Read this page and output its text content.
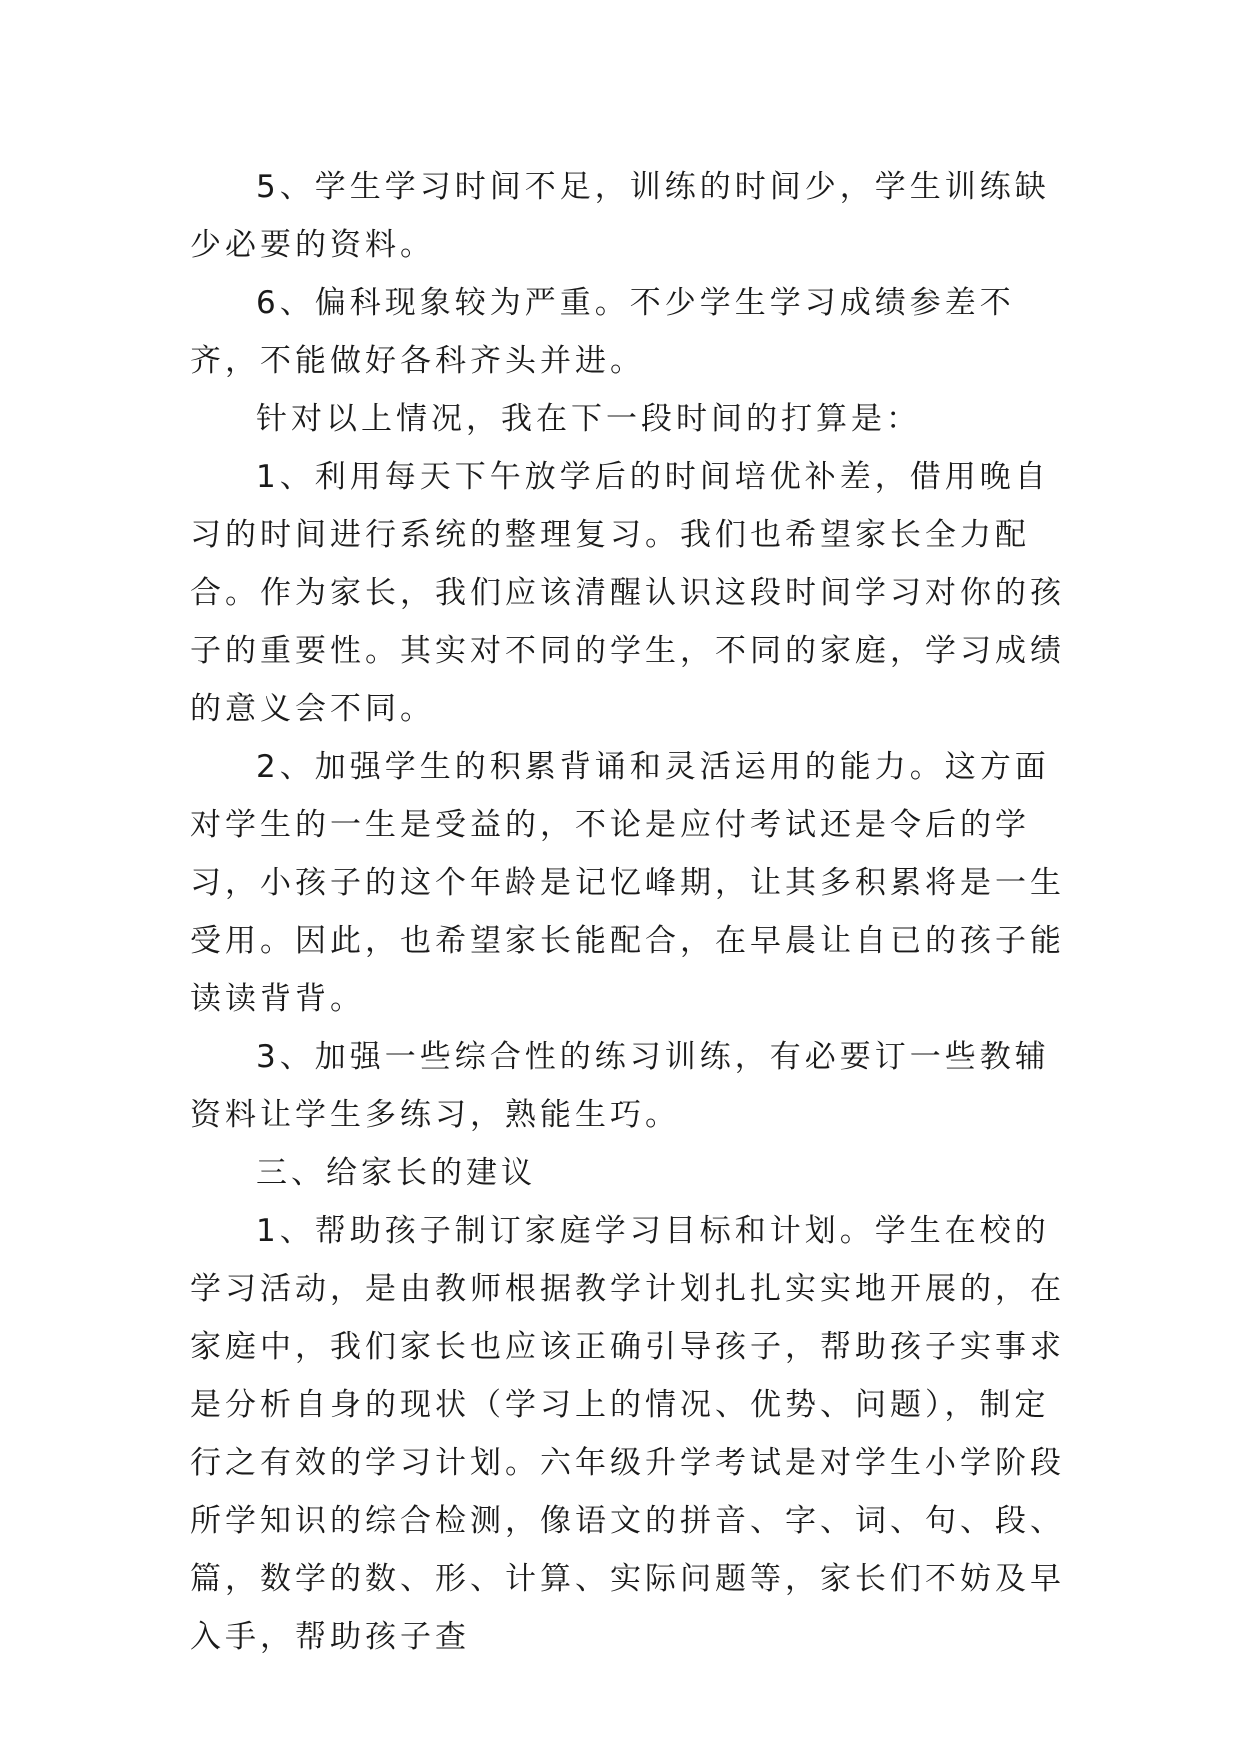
5、学生学习时间不足，训练的时间少，学生训练缺少必要的资料。

6、偏科现象较为严重。不少学生学习成绩参差不齐，不能做好各科齐头并进。

针对以上情况，我在下一段时间的打算是：

1、利用每天下午放学后的时间培优补差，借用晚自习的时间进行系统的整理复习。我们也希望家长全力配合。作为家长，我们应该清醒认识这段时间学习对你的孩子的重要性。其实对不同的学生，不同的家庭，学习成绩的意义会不同。

2、加强学生的积累背诵和灵活运用的能力。这方面对学生的一生是受益的，不论是应付考试还是令后的学习，小孩子的这个年龄是记忆峰期，让其多积累将是一生受用。因此，也希望家长能配合，在早晨让自已的孩子能读读背背。

3、加强一些综合性的练习训练，有必要订一些教辅资料让学生多练习，熟能生巧。

三、给家长的建议

1、帮助孩子制订家庭学习目标和计划。学生在校的学习活动，是由教师根据教学计划扎扎实实地开展的，在家庭中，我们家长也应该正确引导孩子，帮助孩子实事求是分析自身的现状（学习上的情况、优势、问题），制定行之有效的学习计划。六年级升学考试是对学生小学阶段所学知识的综合检测，像语文的拼音、字、词、句、段、篇，数学的数、形、计算、实际问题等，家长们不妨及早入手，帮助孩子查
